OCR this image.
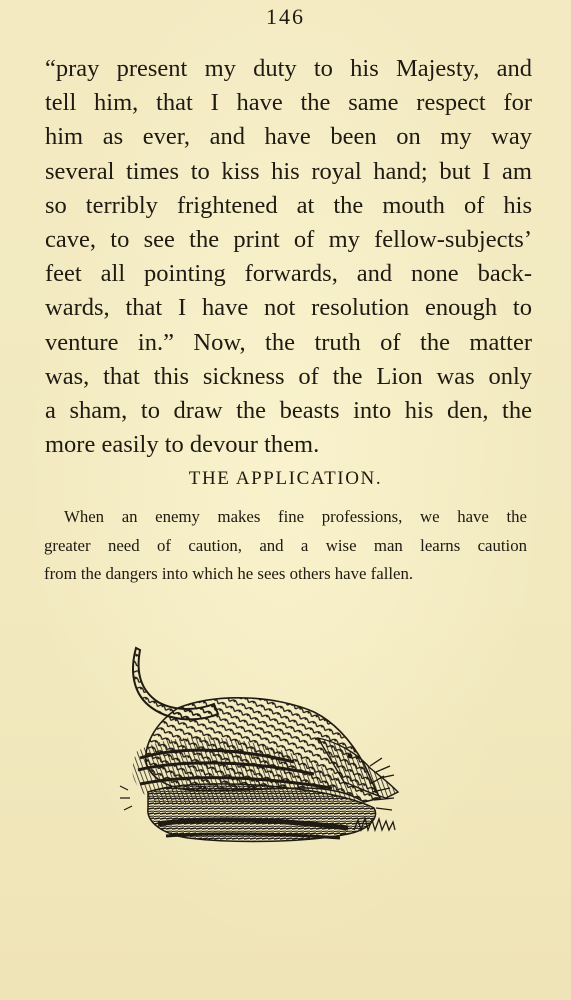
146
“pray present my duty to his Majesty, and
tell him, that I have the same respect for
him as ever, and have been on my way
several times to kiss his royal hand; but I am
so terribly frightened at the mouth of his
cave, to see the print of my fellow-subjects’
feet all pointing forwards, and none back-
wards, that I have not resolution enough to
venture in.” Now, the truth of the matter
was, that this sickness of the Lion was only
a sham, to draw the beasts into his den, the
more easily to devour them.
THE APPLICATION.
When an enemy makes fine professions, we have the
greater need of caution, and a wise man learns caution
from the dangers into which he sees others have fallen.
